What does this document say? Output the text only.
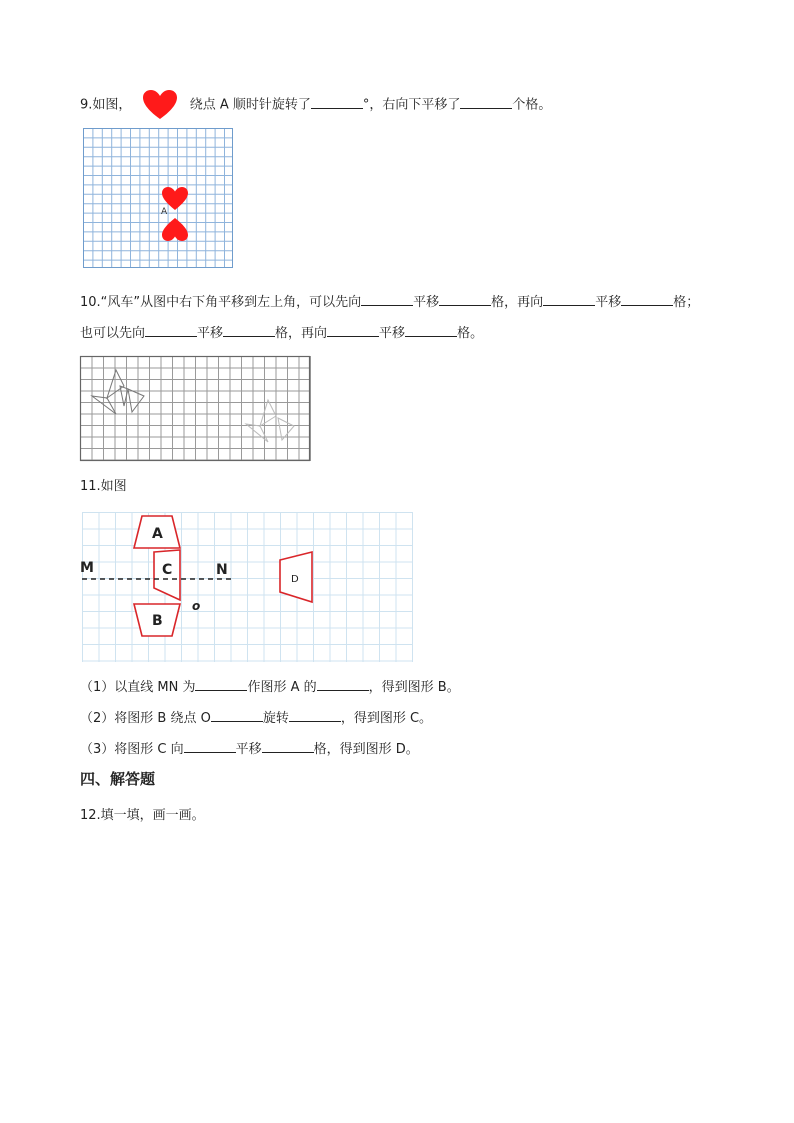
9.如图，	绕点 A 顺时针旋转了	°，右向下平移了	个格。
A
10.“风车”从图中右下角平移到左上角，可以先向	平移	格，再向	平移	格；
也可以先向	平移	格，再向	平移	格。
11.如图
A
C
M	N
B
o
D
（1）以直线 MN 为	作图形 A 的	，得到图形 B。
（2）将图形 B 绕点 O	旋转	，得到图形 C。
（3）将图形 C 向	平移	格，得到图形 D。
四、解答题
12.填一填，画一画。
